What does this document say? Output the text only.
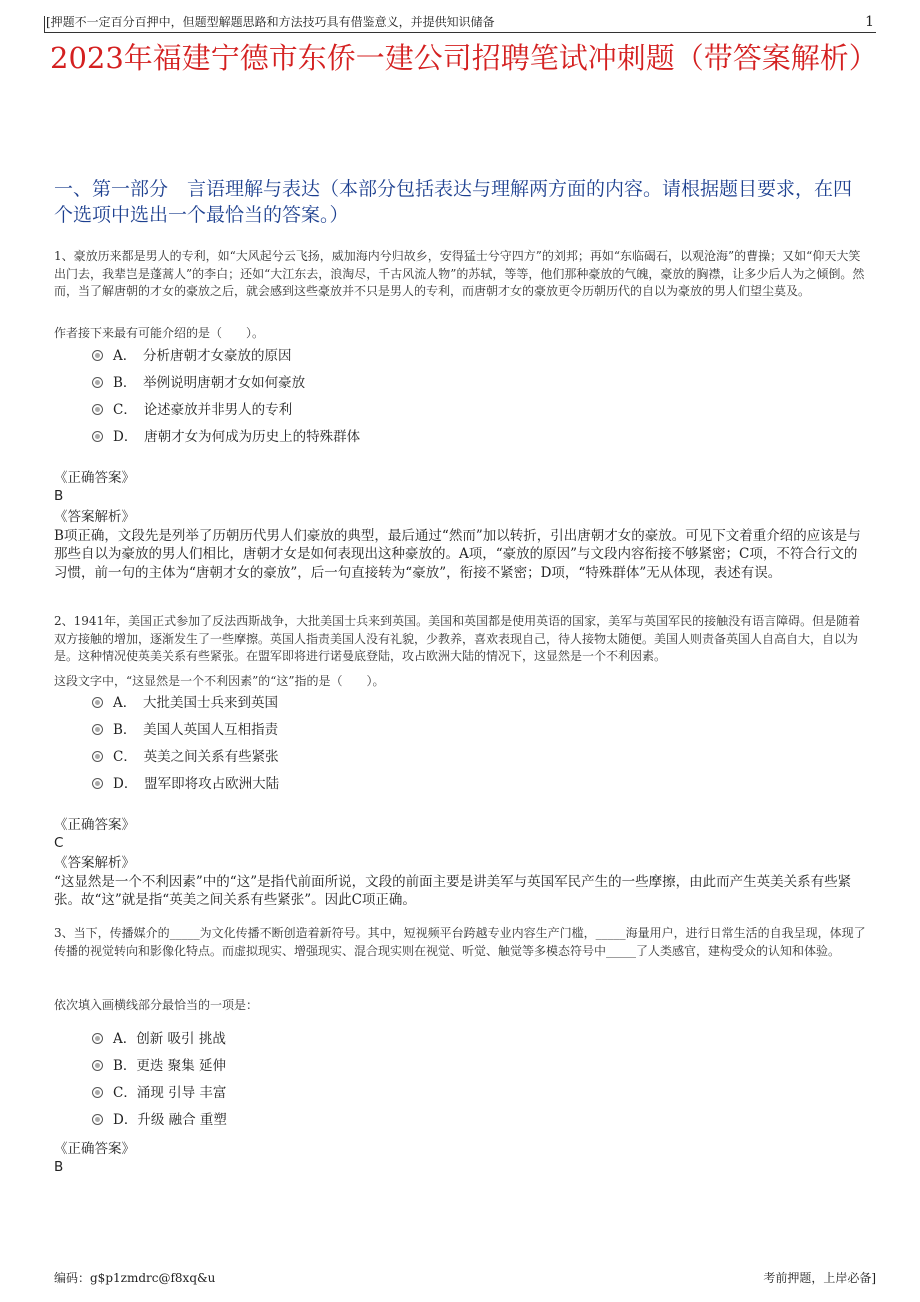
[押题不一定百分百押中，但题型解题思路和方法技巧具有借鉴意义，并提供知识储备	1
2023年福建宁德市东侨一建公司招聘笔试冲刺题（带答案解析）
一、第一部分　言语理解与表达（本部分包括表达与理解两方面的内容。请根据题目要求，在四个选项中选出一个最恰当的答案。）
1、豪放历来都是男人的专利，如“大风起兮云飞扬，威加海内兮归故乡，安得猛士兮守四方”的刘邦；再如“东临碣石，以观沧海”的曹操；又如“仰天大笑出门去，我辈岂是蓬蒿人”的李白；还如“大江东去，浪淘尽，千古风流人物”的苏轼，等等，他们那种豪放的气魄，豪放的胸襟，让多少后人为之倾倒。然而，当了解唐朝的才女的豪放之后，就会感到这些豪放并不只是男人的专利，而唐朝才女的豪放更令历朝历代的自以为豪放的男人们望尘莫及。
作者接下来最有可能介绍的是（　　）。
A．　分析唐朝才女豪放的原因
B．　举例说明唐朝才女如何豪放
C．　论述豪放并非男人的专利
D．　唐朝才女为何成为历史上的特殊群体
《正确答案》
B
《答案解析》
B项正确，文段先是列举了历朝历代男人们豪放的典型，最后通过“然而”加以转折，引出唐朝才女的豪放。可见下文着重介绍的应该是与那些自以为豪放的男人们相比，唐朝才女是如何表现出这种豪放的。A项，“豪放的原因”与文段内容衔接不够紧密；C项，不符合行文的习惯，前一句的主体为“唐朝才女的豪放”，后一句直接转为“豪放”，衔接不紧密；D项，“特殊群体”无从体现，表述有误。
2、1941年，美国正式参加了反法西斯战争，大批美国士兵来到英国。美国和英国都是使用英语的国家，美军与英国军民的接触没有语言障碍。但是随着双方接触的增加，逐渐发生了一些摩擦。英国人指责美国人没有礼貌，少教养，喜欢表现自己，待人接物太随便。美国人则责备英国人自高自大，自以为是。这种情况使英美关系有些紧张。在盟军即将进行诺曼底登陆，攻占欧洲大陆的情况下，这显然是一个不利因素。
这段文字中，“这显然是一个不利因素”的“这”指的是（　　）。
A．　大批美国士兵来到英国
B．　美国人英国人互相指责
C．　英美之间关系有些紧张
D．　盟军即将攻占欧洲大陆
《正确答案》
C
《答案解析》
“这显然是一个不利因素”中的“这”是指代前面所说，文段的前面主要是讲美军与英国军民产生的一些摩擦，由此而产生英美关系有些紧张。故“这”就是指“英美之间关系有些紧张”。因此C项正确。
3、当下，传播媒介的_____为文化传播不断创造着新符号。其中，短视频平台跨越专业内容生产门槛，_____海量用户，进行日常生活的自我呈现，体现了传播的视觉转向和影像化特点。而虚拟现实、增强现实、混合现实则在视觉、听觉、触觉等多模态符号中_____了人类感官，建构受众的认知和体验。
依次填入画横线部分最恰当的一项是：
A．创新 吸引 挑战
B．更迭 聚集 延伸
C．涌现 引导 丰富
D．升级 融合 重塑
《正确答案》
B
编码：g$p1zmdrc@f8xq&u	考前押题，上岸必备]
